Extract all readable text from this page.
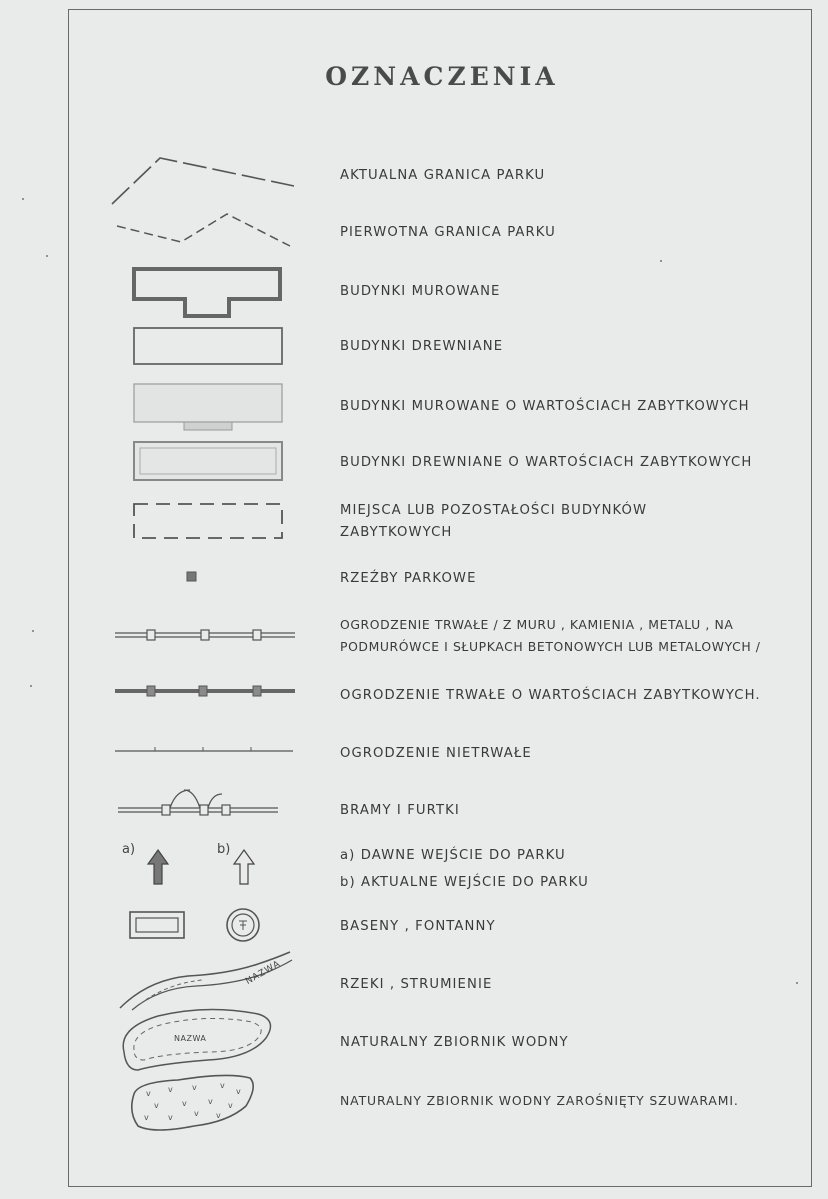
OZNACZENIA
AKTUALNA GRANICA PARKU
PIERWOTNA GRANICA PARKU
BUDYNKI MUROWANE
BUDYNKI DREWNIANE
BUDYNKI MUROWANE O WARTOŚCIACH ZABYTKOWYCH
BUDYNKI DREWNIANE O WARTOŚCIACH ZABYTKOWYCH
MIEJSCA LUB POZOSTAŁOŚCI BUDYNKÓW
ZABYTKOWYCH
RZEŹBY PARKOWE
OGRODZENIE TRWAŁE / Z MURU , KAMIENIA , METALU , NA
PODMURÓWCE I SŁUPKACH BETONOWYCH LUB METALOWYCH /
OGRODZENIE TRWAŁE O WARTOŚCIACH ZABYTKOWYCH.
OGRODZENIE NIETRWAŁE
BRAMY I FURTKI
a)	b)	a) DAWNE WEJŚCIE DO PARKU
b) AKTUALNE WEJŚCIE DO PARKU
BASENY , FONTANNY
NAZWA	RZEKI , STRUMIENIE
NAZWA	NATURALNY ZBIORNIK WODNY
v v v	v
v
v	v	v v
v v	v v
NATURALNY ZBIORNIK WODNY ZAROŚNIĘTY SZUWARAMI.
